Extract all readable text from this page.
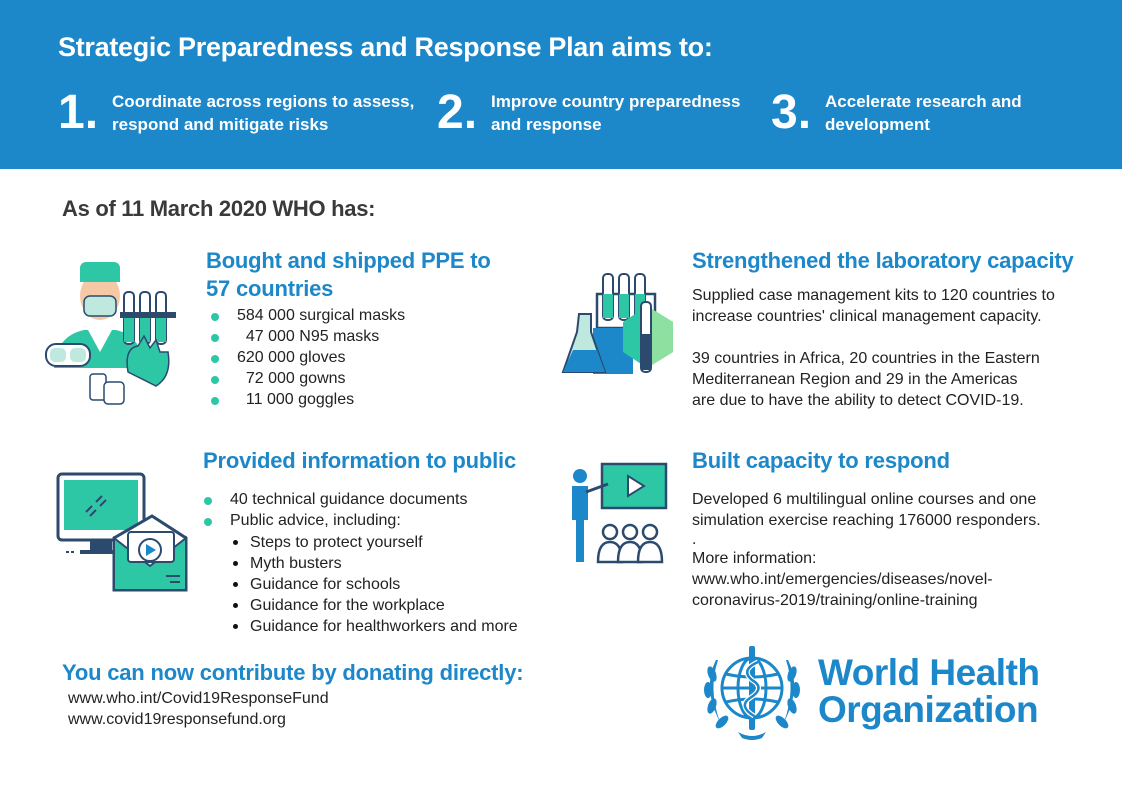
Strategic Preparedness and Response Plan aims to:
1. Coordinate across regions to assess,
respond and mitigate risks	2. Improve country preparedness
and response	3. Accelerate research and
development
As of 11 March 2020 WHO has:
Bought and shipped PPE to
57 countries
584 000 surgical masks
47 000 N95 masks
620 000 gloves
72 000 gowns
11 000 goggles
Strengthened the laboratory capacity
Supplied case management kits to 120 countries to
increase countries' clinical management capacity.
39 countries in Africa, 20 countries in the Eastern
Mediterranean Region and 29 in the Americas
are due to have the ability to detect COVID-19.
Provided information to public
40 technical guidance documents
Public advice, including:
Steps to protect yourself
Myth busters
Guidance for schools
Guidance for the workplace
Guidance for healthworkers and more
Built capacity to respond
Developed 6 multilingual online courses and one
simulation exercise reaching 176000 responders.
.
More information:
www.who.int/emergencies/diseases/novel-
coronavirus-2019/training/online-training
You can now contribute by donating directly:
www.who.int/Covid19ResponseFund
www.covid19responsefund.org
World Health
Organization
